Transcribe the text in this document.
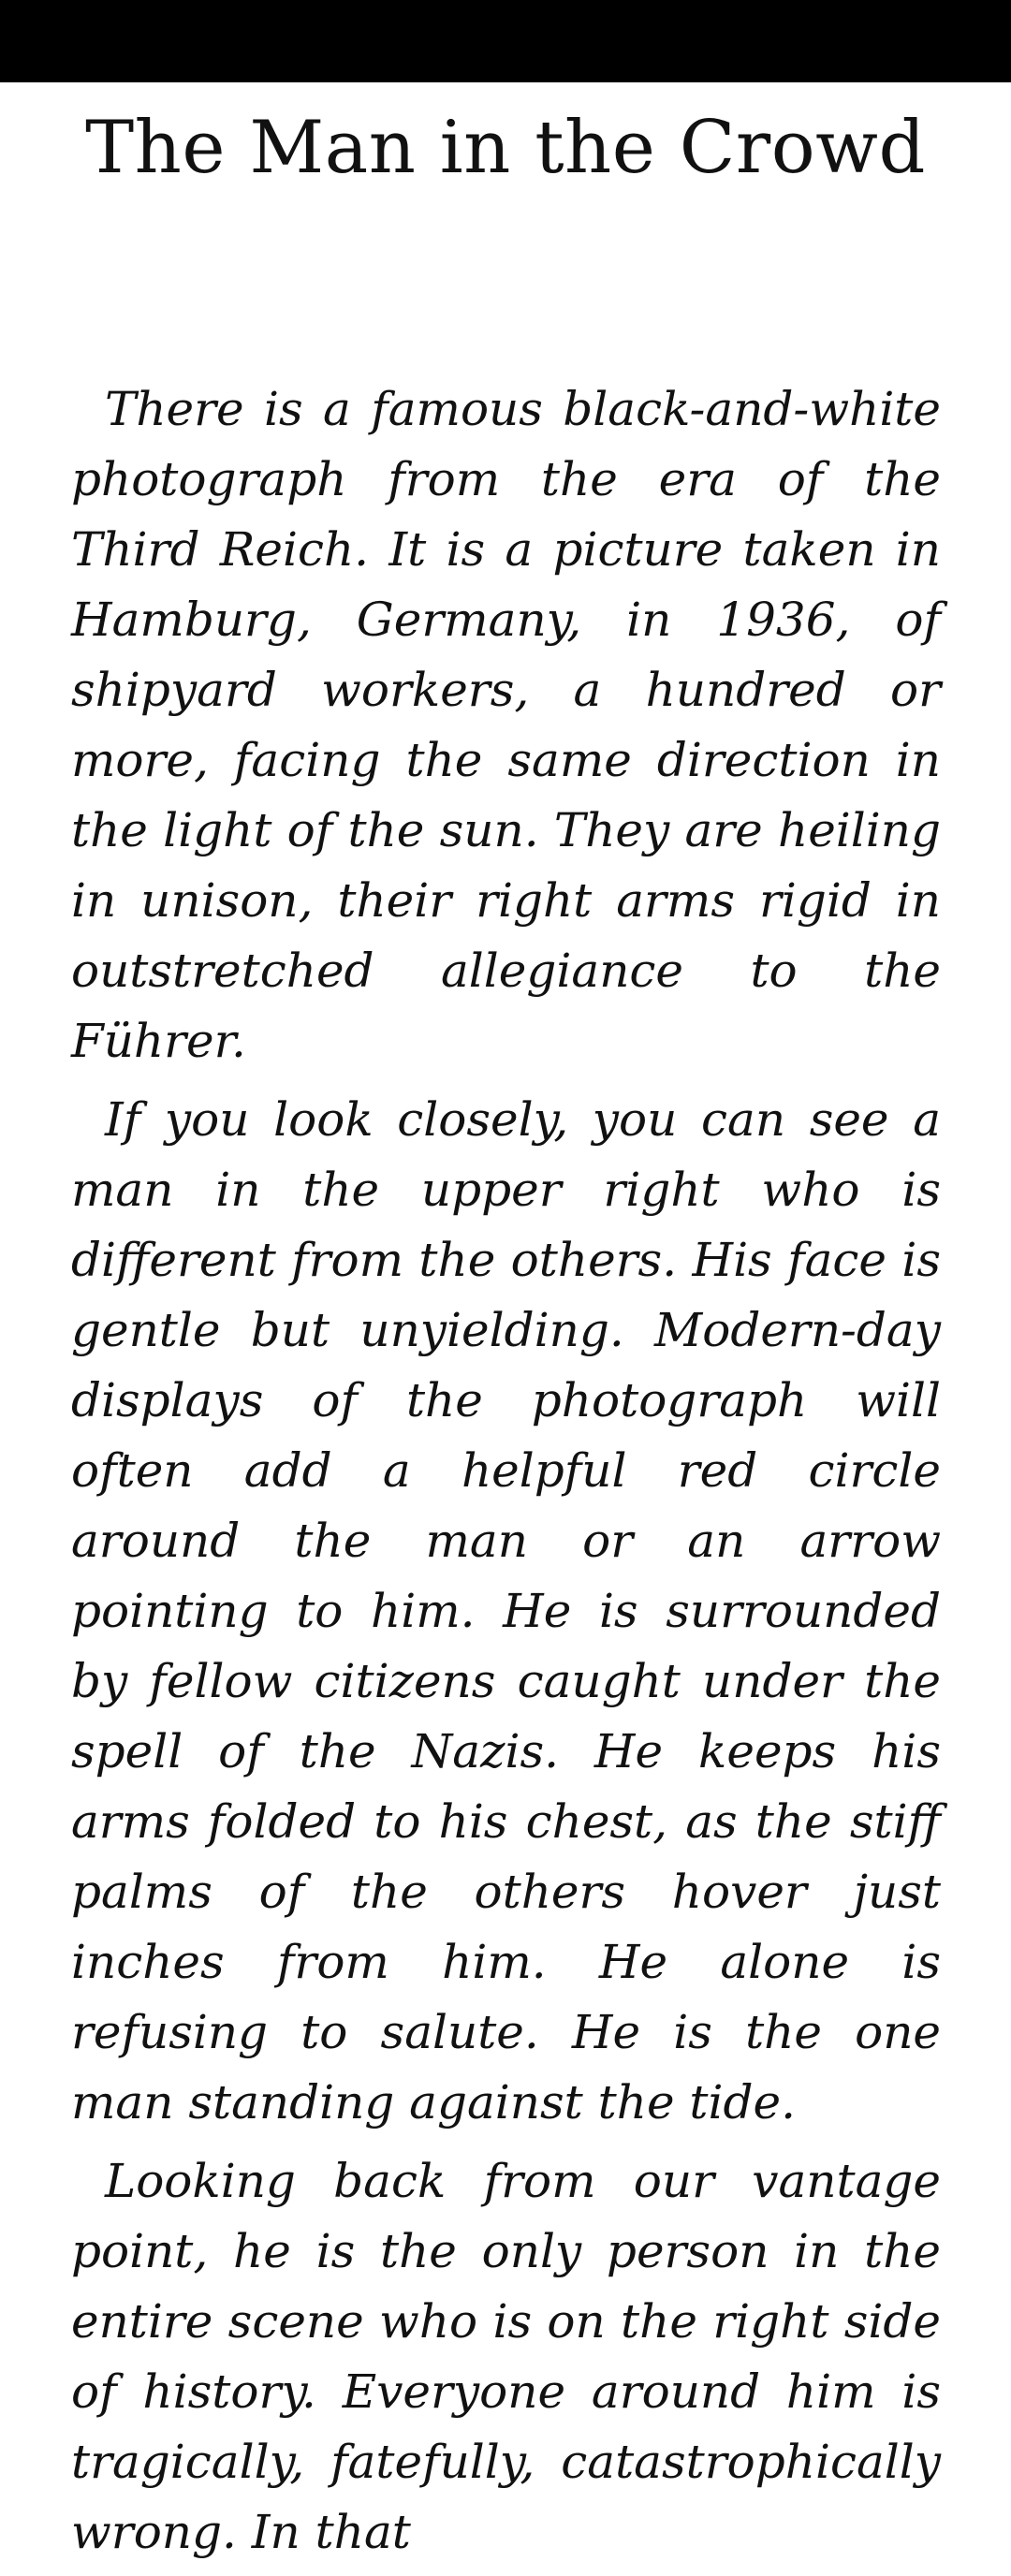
The Man in the Crowd

There is a famous black-and-white photograph from the era of the Third Reich. It is a picture taken in Hamburg, Germany, in 1936, of shipyard workers, a hundred or more, facing the same direction in the light of the sun. They are heiling in unison, their right arms rigid in outstretched allegiance to the Führer.

If you look closely, you can see a man in the upper right who is different from the others. His face is gentle but unyielding. Modern-day displays of the photograph will often add a helpful red circle around the man or an arrow pointing to him. He is surrounded by fellow citizens caught under the spell of the Nazis. He keeps his arms folded to his chest, as the stiff palms of the others hover just inches from him. He alone is refusing to salute. He is the one man standing against the tide.

Looking back from our vantage point, he is the only person in the entire scene who is on the right side of history. Everyone around him is tragically, fatefully, catastrophically wrong. In that
